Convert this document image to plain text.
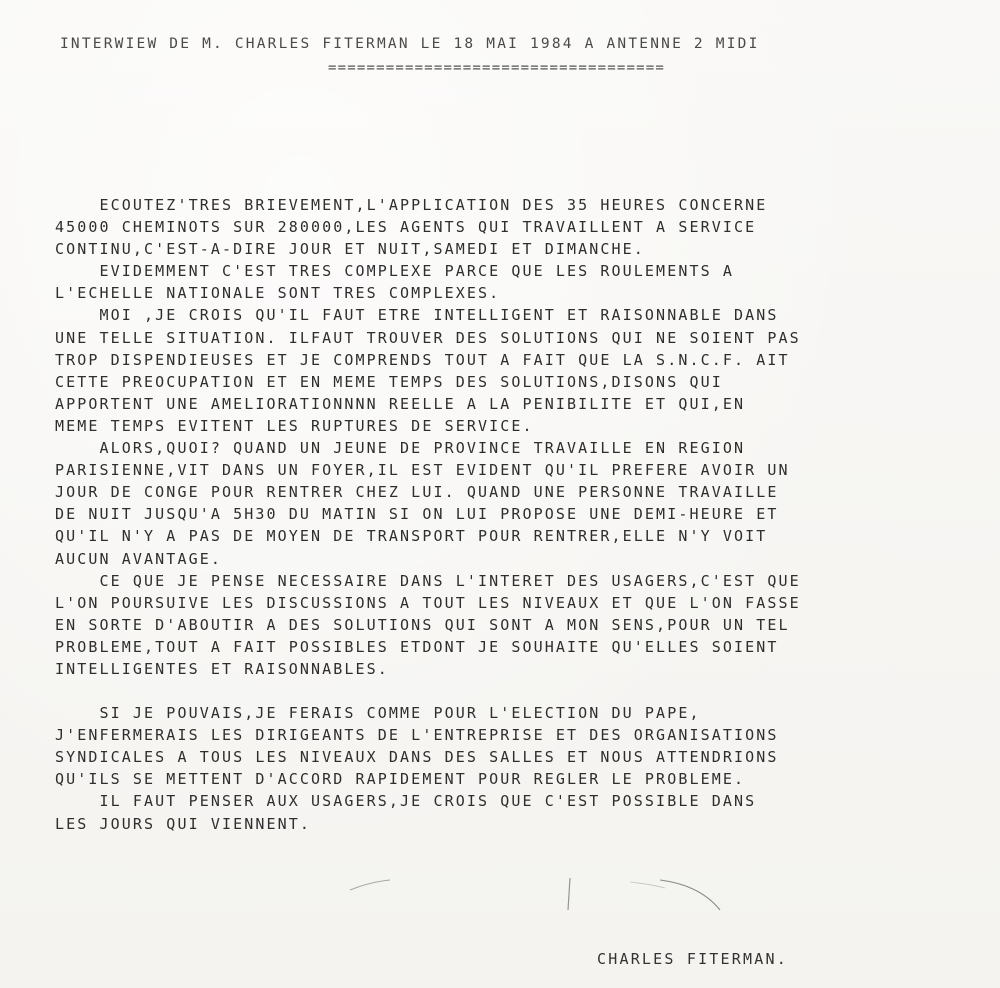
INTERWIEW DE M. CHARLES FITERMAN LE 18 MAI 1984 A ANTENNE 2 MIDI
===================================
ECOUTEZ'TRES BRIEVEMENT,L'APPLICATION DES 35 HEURES CONCERNE
45000 CHEMINOTS SUR 280000,LES AGENTS QUI TRAVAILLENT A SERVICE
CONTINU,C'EST-A-DIRE JOUR ET NUIT,SAMEDI ET DIMANCHE.
EVIDEMMENT C'EST TRES COMPLEXE PARCE QUE LES ROULEMENTS A
L'ECHELLE NATIONALE SONT TRES COMPLEXES.
MOI ,JE CROIS QU'IL FAUT ETRE INTELLIGENT ET RAISONNABLE DANS
UNE TELLE SITUATION. ILFAUT TROUVER DES SOLUTIONS QUI NE SOIENT PAS
TROP DISPENDIEUSES ET JE COMPRENDS TOUT A FAIT QUE LA S.N.C.F. AIT
CETTE PREOCUPATION ET EN MEME TEMPS DES SOLUTIONS,DISONS QUI
APPORTENT UNE AMELIORATIONNNN REELLE A LA PENIBILITE ET QUI,EN
MEME TEMPS EVITENT LES RUPTURES DE SERVICE.
ALORS,QUOI? QUAND UN JEUNE DE PROVINCE TRAVAILLE EN REGION
PARISIENNE,VIT DANS UN FOYER,IL EST EVIDENT QU'IL PREFERE AVOIR UN
JOUR DE CONGE POUR RENTRER CHEZ LUI. QUAND UNE PERSONNE TRAVAILLE
DE NUIT JUSQU'A 5H30 DU MATIN SI ON LUI PROPOSE UNE DEMI-HEURE ET
QU'IL N'Y A PAS DE MOYEN DE TRANSPORT POUR RENTRER,ELLE N'Y VOIT
AUCUN AVANTAGE.
CE QUE JE PENSE NECESSAIRE DANS L'INTERET DES USAGERS,C'EST QUE
L'ON POURSUIVE LES DISCUSSIONS A TOUT LES NIVEAUX ET QUE L'ON FASSE
EN SORTE D'ABOUTIR A DES SOLUTIONS QUI SONT A MON SENS,POUR UN TEL
PROBLEME,TOUT A FAIT POSSIBLES ETDONT JE SOUHAITE QU'ELLES SOIENT
INTELLIGENTES ET RAISONNABLES.
SI JE POUVAIS,JE FERAIS COMME POUR L'ELECTION DU PAPE,
J'ENFERMERAIS LES DIRIGEANTS DE L'ENTREPRISE ET DES ORGANISATIONS
SYNDICALES A TOUS LES NIVEAUX DANS DES SALLES ET NOUS ATTENDRIONS
QU'ILS SE METTENT D'ACCORD RAPIDEMENT POUR REGLER LE PROBLEME.
IL FAUT PENSER AUX USAGERS,JE CROIS QUE C'EST POSSIBLE DANS
LES JOURS QUI VIENNENT.
CHARLES FITERMAN.
